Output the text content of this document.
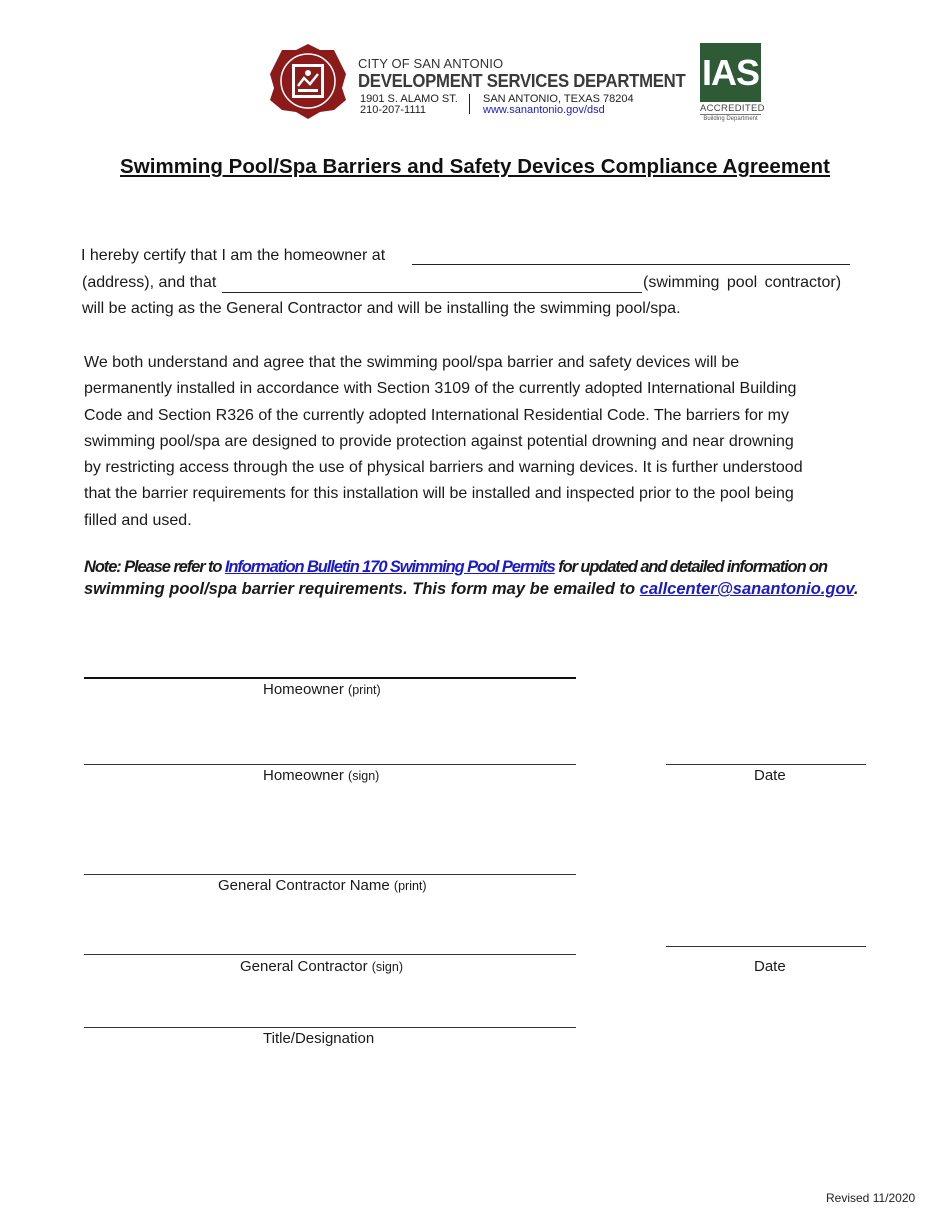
CITY OF SAN ANTONIO
DEVELOPMENT SERVICES DEPARTMENT
1901 S. ALAMO ST.
210-207-1111
SAN ANTONIO, TEXAS 78204
www.sanantonio.gov/dsd
IAS
ACCREDITED
Building Department
Swimming Pool/Spa Barriers and Safety Devices Compliance Agreement
I hereby certify that I am the homeowner at
(address), and that	(swimming pool contractor)
will be acting as the General Contractor and will be installing the swimming pool/spa.

We both understand and agree that the swimming pool/spa barrier and safety devices will be

permanently installed in accordance with Section 3109 of the currently adopted International Building

Code and Section R326 of the currently adopted International Residential Code. The barriers for my

swimming pool/spa are designed to provide protection against potential drowning and near drowning

by restricting access through the use of physical barriers and warning devices. It is further understood

that the barrier requirements for this installation will be installed and inspected prior to the pool being

filled and used.

Note: Please refer to Information Bulletin 170 Swimming Pool Permits for updated and detailed information on
swimming pool/spa barrier requirements. This form may be emailed to callcenter@sanantonio.gov.
Homeowner (print)
Homeowner (sign)	Date
General Contractor Name (print)
General Contractor (sign)	Date
Title/Designation
Revised 11/2020
